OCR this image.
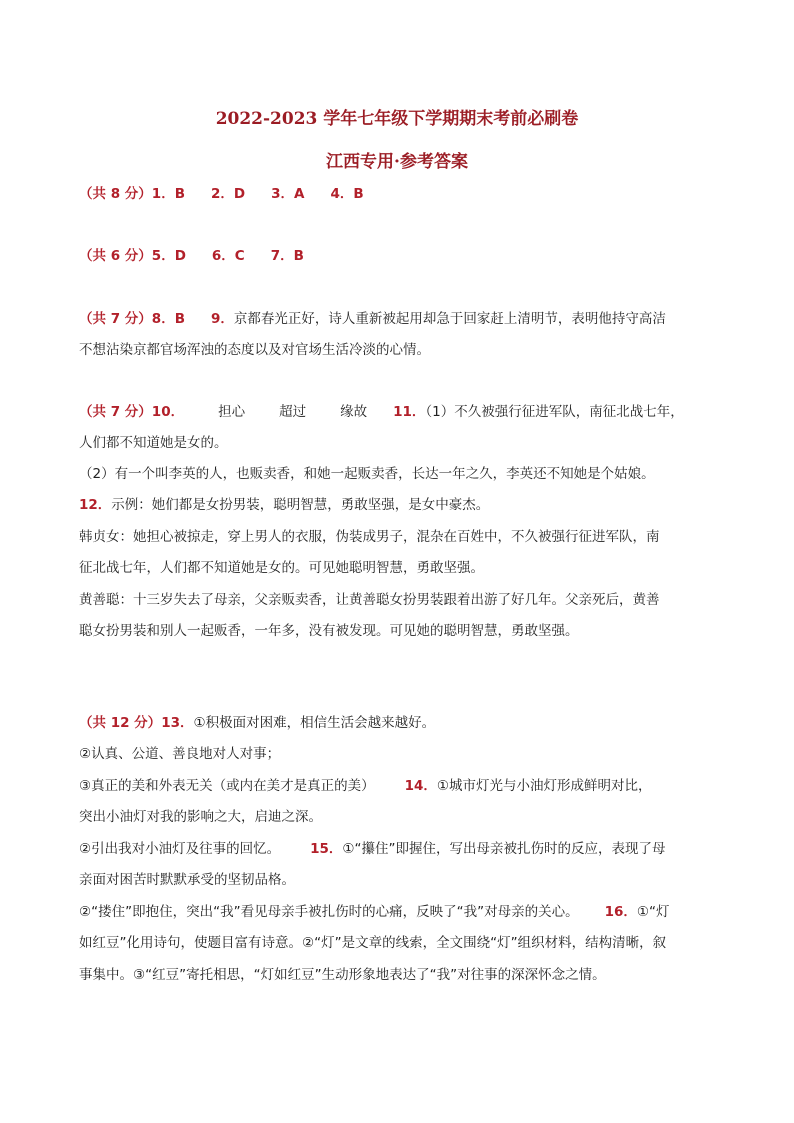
2022-2023 学年七年级下学期期末考前必刷卷
江西专用·参考答案
（共 8 分）1．B 2．D 3．A 4．B
（共 6 分）5．D 6．C 7．B
（共 7 分）8．B 9．京都春光正好，诗人重新被起用却急于回家赶上清明节，表明他持守高洁
不想沾染京都官场浑浊的态度以及对官场生活冷淡的心情。
（共 7 分）10．	担心	超过	缘故 11．（1）不久被强行征进军队，南征北战七年，
人们都不知道她是女的。
（2）有一个叫李英的人，也贩卖香，和她一起贩卖香，长达一年之久，李英还不知她是个姑娘。
12．示例：她们都是女扮男装，聪明智慧，勇敢坚强，是女中豪杰。
韩贞女：她担心被掠走，穿上男人的衣服，伪装成男子，混杂在百姓中，不久被强行征进军队，南
征北战七年，人们都不知道她是女的。可见她聪明智慧，勇敢坚强。
黄善聪：十三岁失去了母亲，父亲贩卖香，让黄善聪女扮男装跟着出游了好几年。父亲死后，黄善
聪女扮男装和别人一起贩香，一年多，没有被发现。可见她的聪明智慧，勇敢坚强。
（共 12 分）13．①积极面对困难，相信生活会越来越好。
②认真、公道、善良地对人对事；
③真正的美和外表无关（或内在美才是真正的美） 14．①城市灯光与小油灯形成鲜明对比，
突出小油灯对我的影响之大，启迪之深。
②引出我对小油灯及往事的回忆。 15．①“攥住”即握住，写出母亲被扎伤时的反应，表现了母
亲面对困苦时默默承受的坚韧品格。
②“搂住”即抱住，突出“我”看见母亲手被扎伤时的心痛，反映了“我”对母亲的关心。 16．①“灯
如红豆”化用诗句，使题目富有诗意。②“灯”是文章的线索，全文围绕“灯”组织材料，结构清晰，叙
事集中。③“红豆”寄托相思，“灯如红豆”生动形象地表达了“我”对往事的深深怀念之情。
